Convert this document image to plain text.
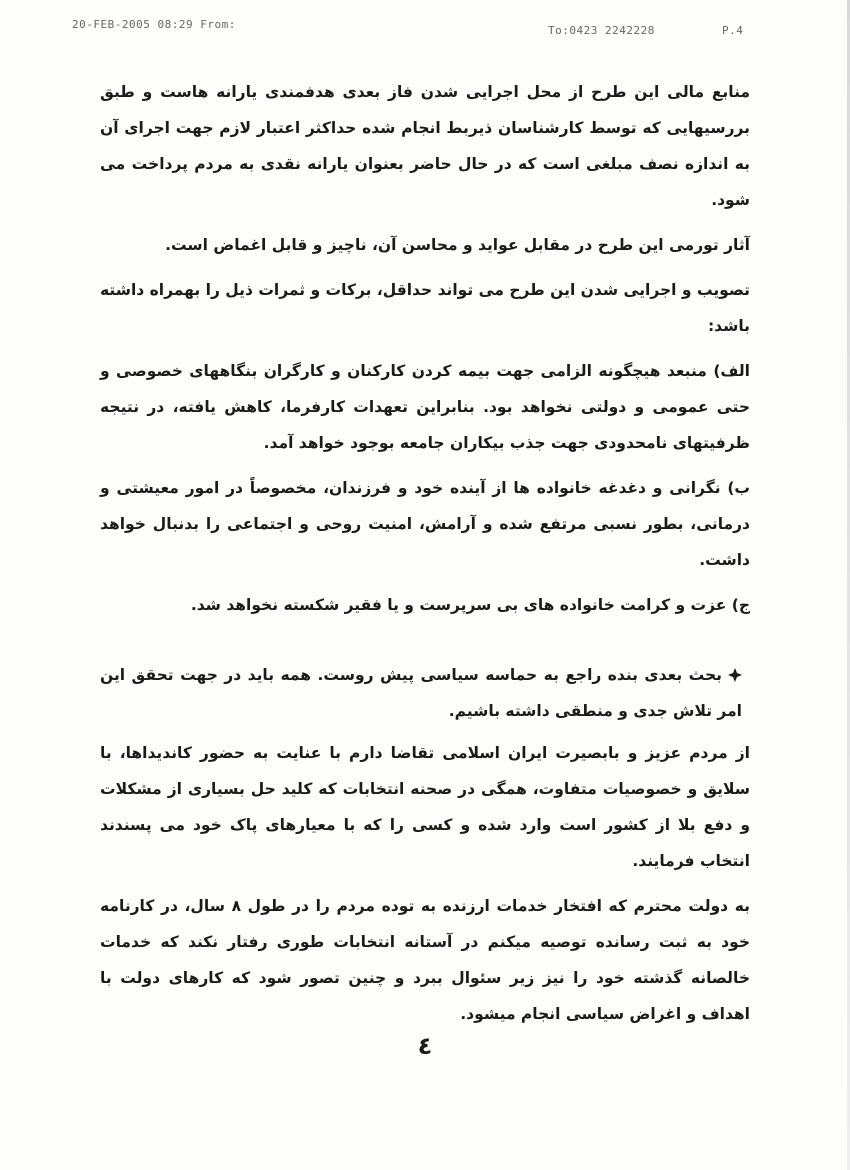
20-FEB-2005 08:29 From:	To:0423 2242228	P.4

منابع مالی این طرح از محل اجرایی شدن فاز بعدی هدفمندی یارانه هاست و طبق بررسیهایی که توسط کارشناسان ذیربط انجام شده حداکثر اعتبار لازم جهت اجرای آن به اندازه نصف مبلغی است که در حال حاضر بعنوان یارانه نقدی به مردم پرداخت می شود.

آثار تورمی این طرح در مقابل عواید و محاسن آن، ناچیز و قابل اغماض است.

تصویب و اجرایی شدن این طرح می تواند حداقل، برکات و ثمرات ذیل را بهمراه داشته باشد:

الف) منبعد هیچگونه الزامی جهت بیمه کردن کارکنان و کارگران بنگاههای خصوصی و حتی عمومی و دولتی نخواهد بود. بنابراین تعهدات کارفرما، کاهش یافته، در نتیجه ظرفیتهای نامحدودی جهت جذب بیکاران جامعه بوجود خواهد آمد.

ب) نگرانی و دغدغه خانواده ها از آینده خود و فرزندان، مخصوصاً در امور معیشتی و درمانی، بطور نسبی مرتفع شده و آرامش، امنیت روحی و اجتماعی را بدنبال خواهد داشت.

ج) عزت و کرامت خانواده های بی سرپرست و یا فقیر شکسته نخواهد شد.

بحث بعدی بنده راجع به حماسه سیاسی پیش روست. همه باید در جهت تحقق این امر تلاش جدی و منطقی داشته باشیم.

از مردم عزیز و بابصیرت ایران اسلامی تقاضا دارم با عنایت به حضور کاندیداها، با سلایق و خصوصیات متفاوت، همگی در صحنه انتخابات که کلید حل بسیاری از مشکلات و دفع بلا از کشور است وارد شده و کسی را که با معیارهای پاک خود می پسندند انتخاب فرمایند.

به دولت محترم که افتخار خدمات ارزنده به توده مردم را در طول ۸ سال، در کارنامه خود به ثبت رسانده توصیه میکنم در آستانه انتخابات طوری رفتار نکند که خدمات خالصانه گذشته خود را نیز زیر سئوال ببرد و چنین تصور شود که کارهای دولت با اهداف و اغراض سیاسی انجام میشود.

٤
